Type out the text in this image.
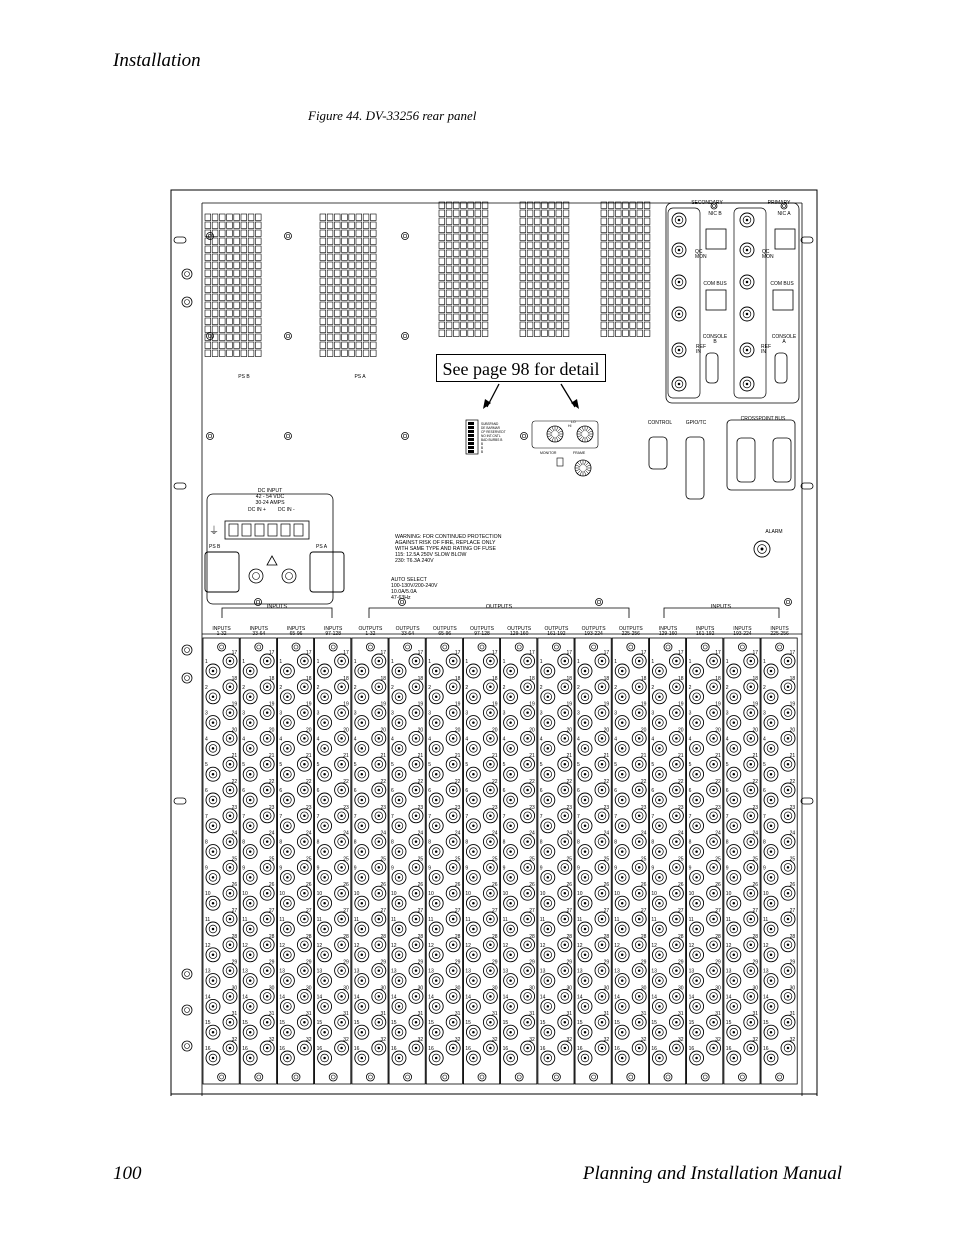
Installation
Figure 44. DV-33256 rear panel
PS B	PS A
SUBSPAND
DE BARMAR
CP RESERVEDT
NO INT.CNTL
BAD BURBS B
B
B
B
LO
HI
MONITOR	FRAME
SECONDARY	PRIMARY
NIC B	NIC A
QC
MON
QC
MON
COM BUS	COM BUS
CONSOLE
B
CONSOLE
A
REF
IN
REF
IN
CONTROL	GPIO/TC
CROSSPOINT BUS
ALARM
DC INPUT
42 - 54 VDC
30-24 AMPS
DC IN + DC IN -
⏚
PS B	PS A
WARNING: FOR CONTINUED PROTECTION
AGAINST RISK OF FIRE, REPLACE ONLY
WITH SAME TYPE AND RATING OF FUSE
115: 12.5A 250V SLOW BLOW
230: T6.3A 240V
AUTO SELECT
100-130V/200-240V
10.0A/5.0A
47-63Hz
INPUTS	OUTPUTS	INPUTS
INPUTS
1-32
INPUTS
33-64
INPUTS
65-96
INPUTS
97-128
OUTPUTS
1-32
OUTPUTS
33-64
OUTPUTS
65-96
OUTPUTS
97-128
OUTPUTS
129-160
OUTPUTS
161-192
OUTPUTS
193-224
OUTPUTS
225-256
INPUTS
129-160
INPUTS
161-192
INPUTS
193-224
INPUTS
225-256
1
17
2
18
3
19
4
20
5
21
6
22
7
23
8
24
9
25
10
26
11
27
12
28
13
29
14
30
15
31
16
32
1
17
2
18
3
19
4
20
5
21
6
22
7
23
8
24
9
25
10
26
11
27
12
28
13
29
14
30
15
31
16
32
1
17
2
18
3
19
4
20
5
21
6
22
7
23
8
24
9
25
10
26
11
27
12
28
13
29
14
30
15
31
16
32
1
17
2
18
3
19
4
20
5
21
6
22
7
23
8
24
9
25
10
26
11
27
12
28
13
29
14
30
15
31
16
32
1
17
2
18
3
19
4
20
5
21
6
22
7
23
8
24
9
25
10
26
11
27
12
28
13
29
14
30
15
31
16
32
1
17
2
18
3
19
4
20
5
21
6
22
7
23
8
24
9
25
10
26
11
27
12
28
13
29
14
30
15
31
16
32
1
17
2
18
3
19
4
20
5
21
6
22
7
23
8
24
9
25
10
26
11
27
12
28
13
29
14
30
15
31
16
32
1
17
2
18
3
19
4
20
5
21
6
22
7
23
8
24
9
25
10
26
11
27
12
28
13
29
14
30
15
31
16
32
1
17
2
18
3
19
4
20
5
21
6
22
7
23
8
24
9
25
10
26
11
27
12
28
13
29
14
30
15
31
16
32
1
17
2
18
3
19
4
20
5
21
6
22
7
23
8
24
9
25
10
26
11
27
12
28
13
29
14
30
15
31
16
32
1
17
2
18
3
19
4
20
5
21
6
22
7
23
8
24
9
25
10
26
11
27
12
28
13
29
14
30
15
31
16
32
1
17
2
18
3
19
4
20
5
21
6
22
7
23
8
24
9
25
10
26
11
27
12
28
13
29
14
30
15
31
16
32
1
17
2
18
3
19
4
20
5
21
6
22
7
23
8
24
9
25
10
26
11
27
12
28
13
29
14
30
15
31
16
32
1
17
2
18
3
19
4
20
5
21
6
22
7
23
8
24
9
25
10
26
11
27
12
28
13
29
14
30
15
31
16
32
1
17
2
18
3
19
4
20
5
21
6
22
7
23
8
24
9
25
10
26
11
27
12
28
13
29
14
30
15
31
16
32
1
17
2
18
3
19
4
20
5
21
6
22
7
23
8
24
9
25
10
26
11
27
12
28
13
29
14
30
15
31
16
32
See page 98 for detail
100	Planning and Installation Manual
